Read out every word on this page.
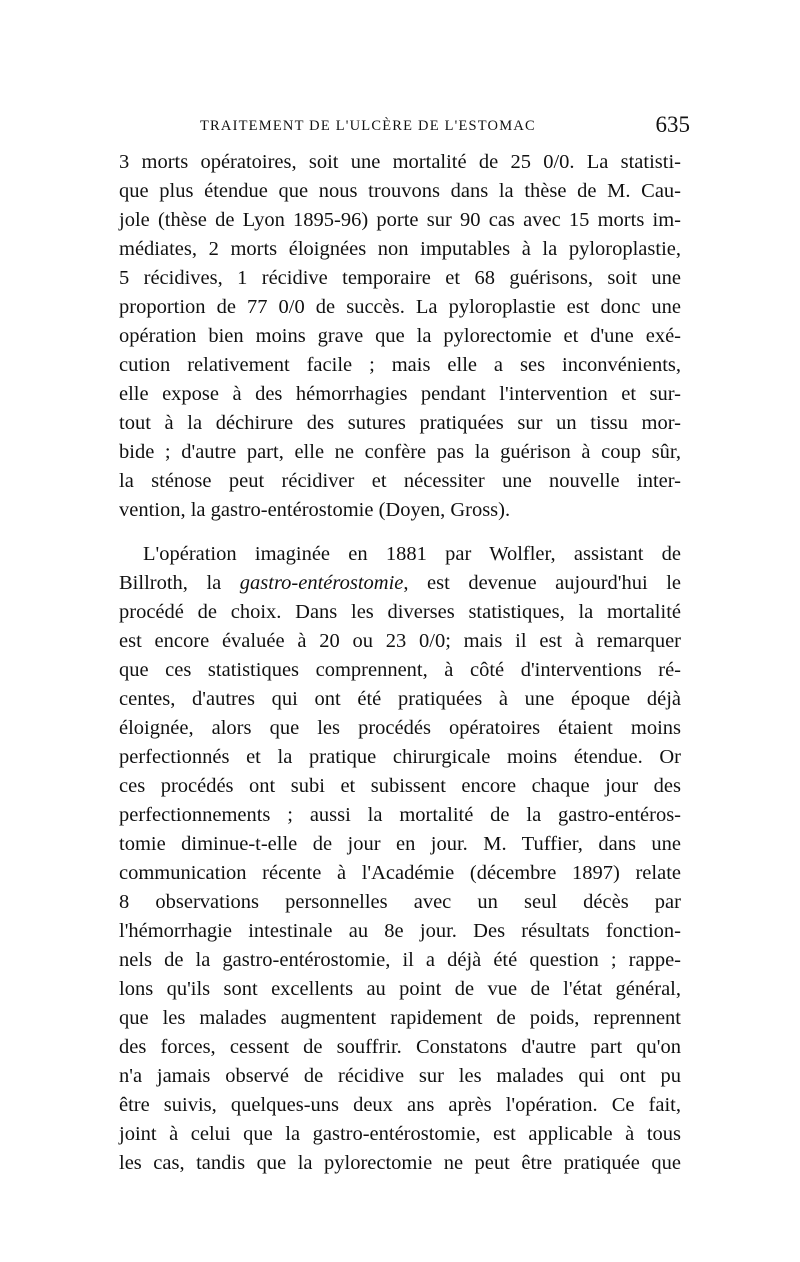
TRAITEMENT DE L'ULCÈRE DE L'ESTOMAC	635
3 morts opératoires, soit une mortalité de 25 0/0. La statisti-
que plus étendue que nous trouvons dans la thèse de M. Cau-
jole (thèse de Lyon 1895-96) porte sur 90 cas avec 15 morts im-
médiates, 2 morts éloignées non imputables à la pyloroplastie,
5 récidives, 1 récidive temporaire et 68 guérisons, soit une
proportion de 77 0/0 de succès. La pyloroplastie est donc une
opération bien moins grave que la pylorectomie et d'une exé-
cution relativement facile ; mais elle a ses inconvénients,
elle expose à des hémorrhagies pendant l'intervention et sur-
tout à la déchirure des sutures pratiquées sur un tissu mor-
bide ; d'autre part, elle ne confère pas la guérison à coup sûr,
la sténose peut récidiver et nécessiter une nouvelle inter-
vention, la gastro-entérostomie (Doyen, Gross).
L'opération imaginée en 1881 par Wolfler, assistant de
Billroth, la gastro-entérostomie, est devenue aujourd'hui le
procédé de choix. Dans les diverses statistiques, la mortalité
est encore évaluée à 20 ou 23 0/0; mais il est à remarquer
que ces statistiques comprennent, à côté d'interventions ré-
centes, d'autres qui ont été pratiquées à une époque déjà
éloignée, alors que les procédés opératoires étaient moins
perfectionnés et la pratique chirurgicale moins étendue. Or
ces procédés ont subi et subissent encore chaque jour des
perfectionnements ; aussi la mortalité de la gastro-entéros-
tomie diminue-t-elle de jour en jour. M. Tuffier, dans une
communication récente à l'Académie (décembre 1897) relate
8 observations personnelles avec un seul décès par
l'hémorrhagie intestinale au 8e jour. Des résultats fonction-
nels de la gastro-entérostomie, il a déjà été question ; rappe-
lons qu'ils sont excellents au point de vue de l'état général,
que les malades augmentent rapidement de poids, reprennent
des forces, cessent de souffrir. Constatons d'autre part qu'on
n'a jamais observé de récidive sur les malades qui ont pu
être suivis, quelques-uns deux ans après l'opération. Ce fait,
joint à celui que la gastro-entérostomie, est applicable à tous
les cas, tandis que la pylorectomie ne peut être pratiquée que
